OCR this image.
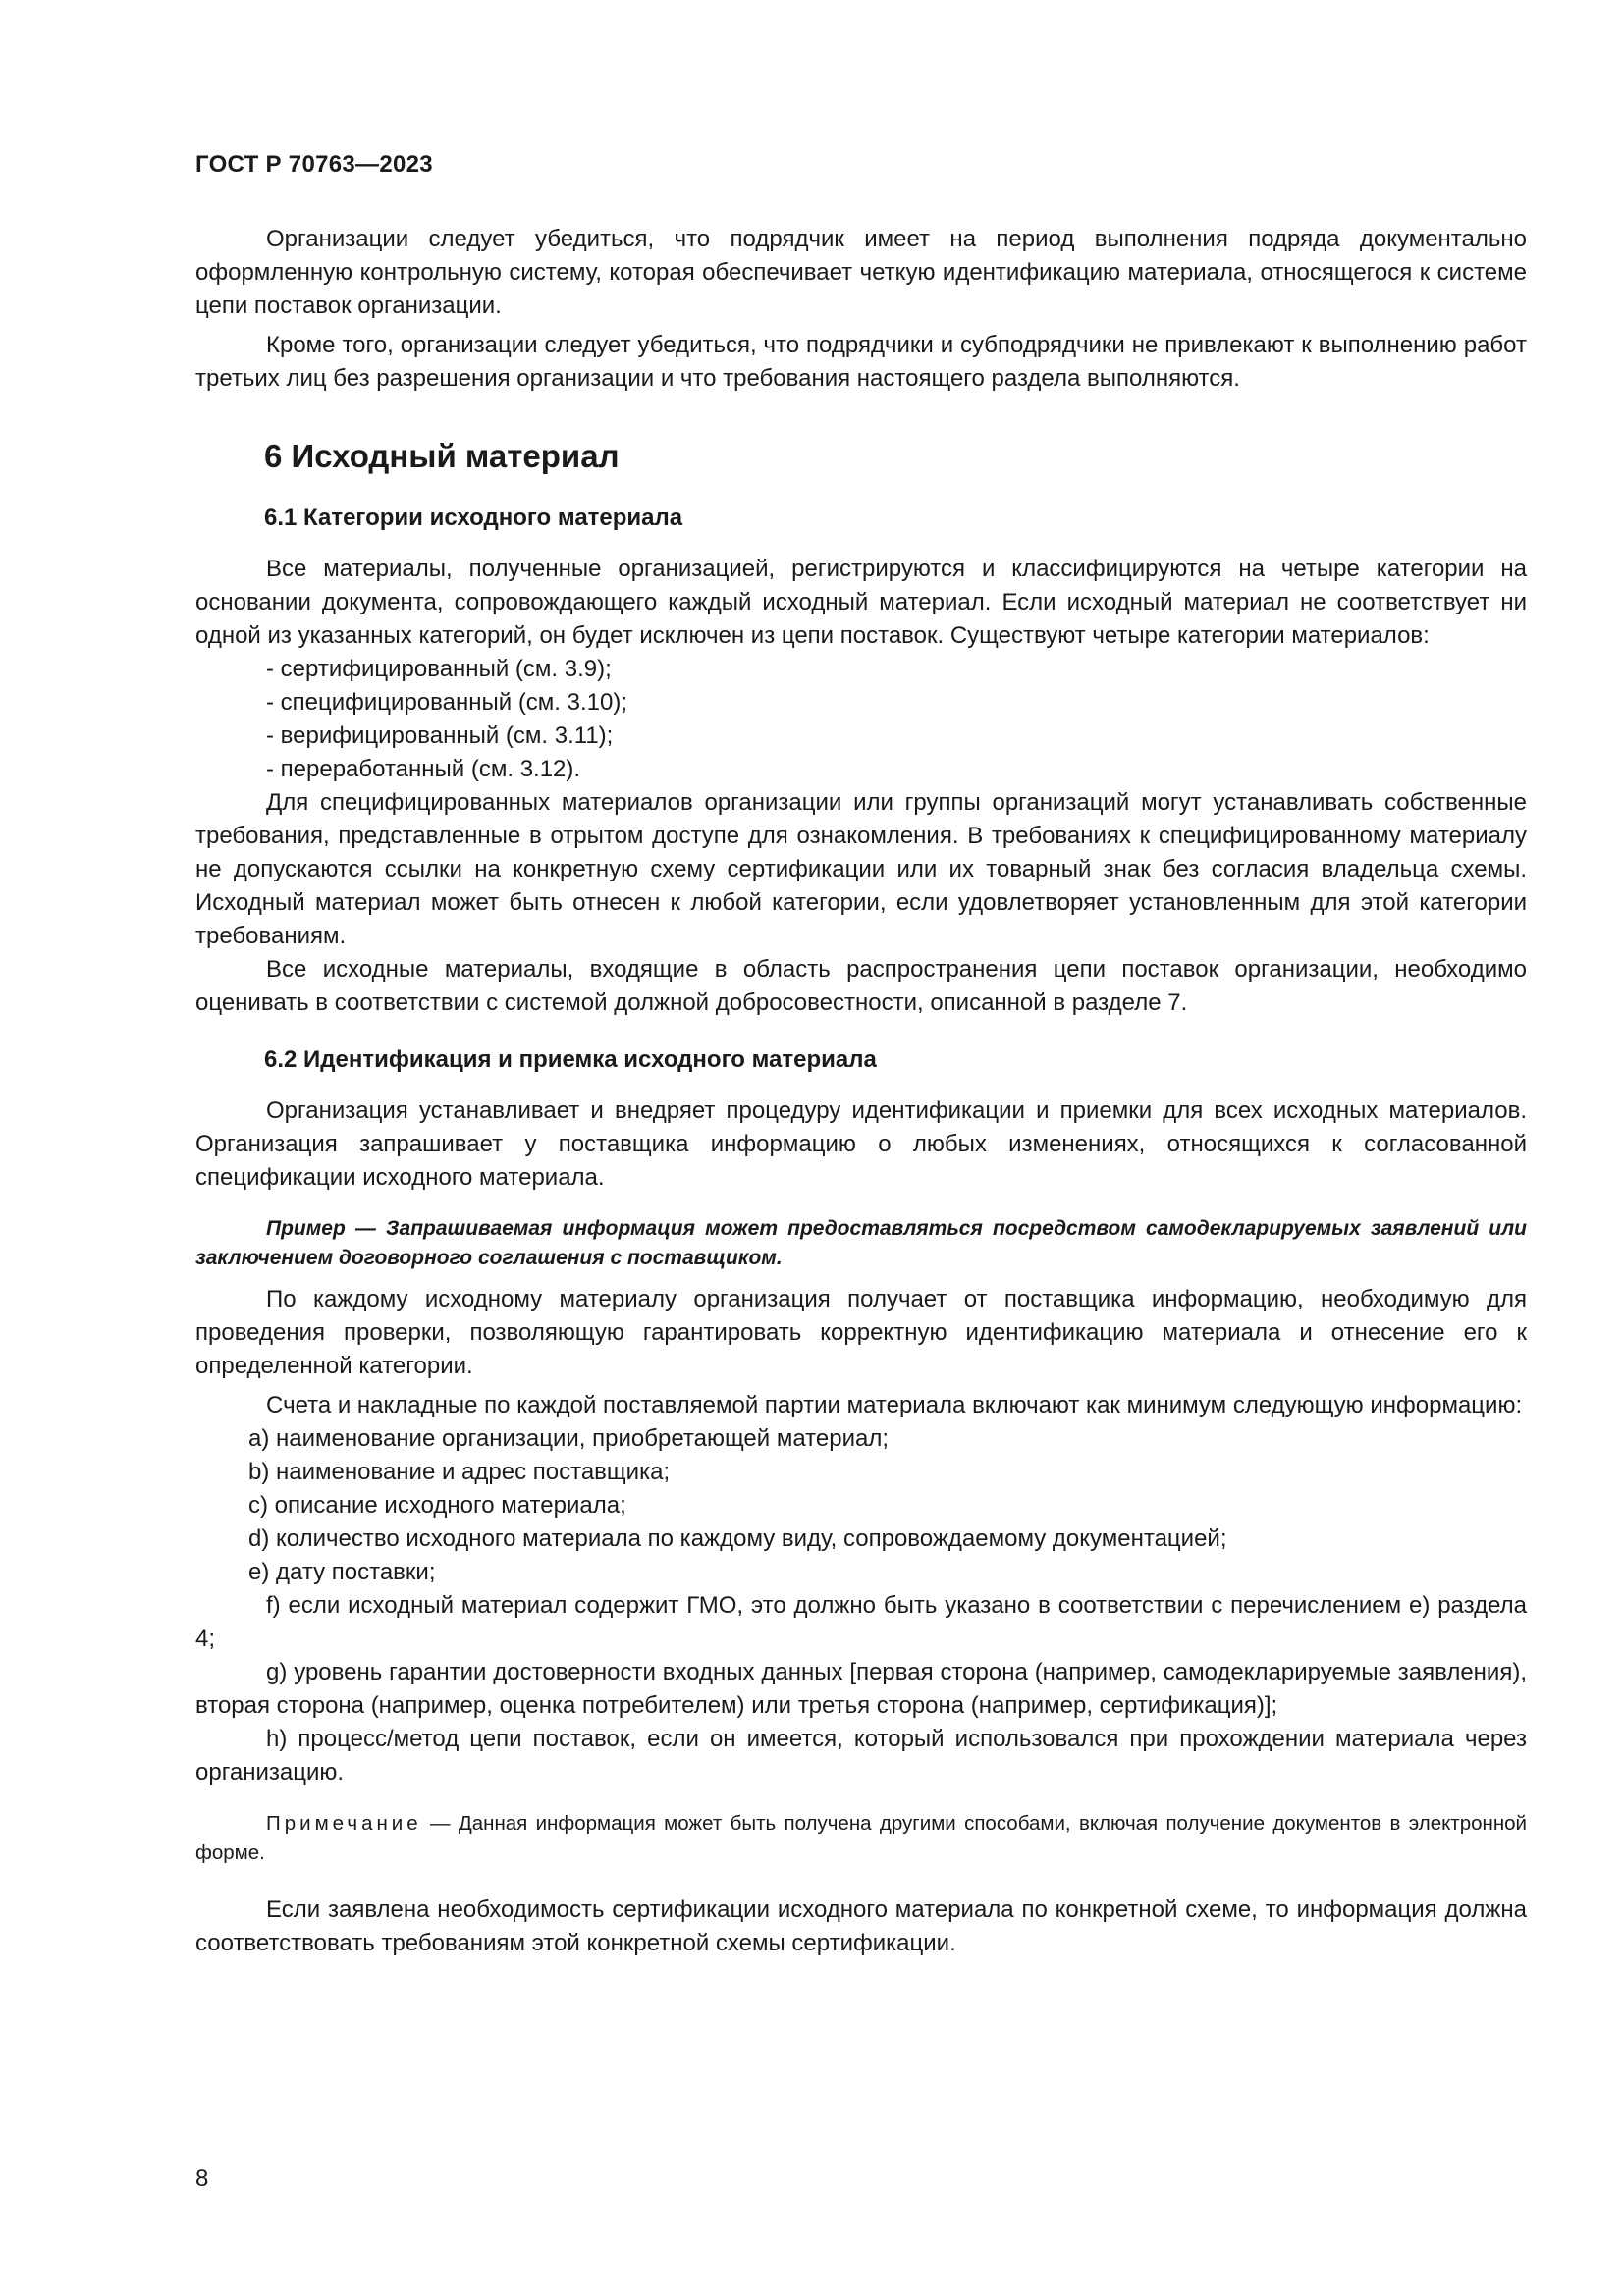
ГОСТ Р 70763—2023

Организации следует убедиться, что подрядчик имеет на период выполнения подряда документально оформленную контрольную систему, которая обеспечивает четкую идентификацию материала, относящегося к системе цепи поставок организации.

Кроме того, организации следует убедиться, что подрядчики и субподрядчики не привлекают к выполнению работ третьих лиц без разрешения организации и что требования настоящего раздела выполняются.

6 Исходный материал
6.1 Категории исходного материала

Все материалы, полученные организацией, регистрируются и классифицируются на четыре категории на основании документа, сопровождающего каждый исходный материал. Если исходный материал не соответствует ни одной из указанных категорий, он будет исключен из цепи поставок. Существуют четыре категории материалов:

- сертифицированный (см. 3.9);
- специфицированный (см. 3.10);
- верифицированный (см. 3.11);
- переработанный (см. 3.12).

Для специфицированных материалов организации или группы организаций могут устанавливать собственные требования, представленные в отрытом доступе для ознакомления. В требованиях к специфицированному материалу не допускаются ссылки на конкретную схему сертификации или их товарный знак без согласия владельца схемы. Исходный материал может быть отнесен к любой категории, если удовлетворяет установленным для этой категории требованиям.

Все исходные материалы, входящие в область распространения цепи поставок организации, необходимо оценивать в соответствии с системой должной добросовестности, описанной в разделе 7.

6.2 Идентификация и приемка исходного материала

Организация устанавливает и внедряет процедуру идентификации и приемки для всех исходных материалов. Организация запрашивает у поставщика информацию о любых изменениях, относящихся к согласованной спецификации исходного материала.

Пример — Запрашиваемая информация может предоставляться посредством самодекларируемых заявлений или заключением договорного соглашения с поставщиком.

По каждому исходному материалу организация получает от поставщика информацию, необходимую для проведения проверки, позволяющую гарантировать корректную идентификацию материала и отнесение его к определенной категории.

Счета и накладные по каждой поставляемой партии материала включают как минимум следующую информацию:

a) наименование организации, приобретающей материал;
b) наименование и адрес поставщика;
c) описание исходного материала;
d) количество исходного материала по каждому виду, сопровождаемому документацией;
e) дату поставки;

f) если исходный материал содержит ГМО, это должно быть указано в соответствии с перечислением е) раздела 4;

g) уровень гарантии достоверности входных данных [первая сторона (например, самодекларируемые заявления), вторая сторона (например, оценка потребителем) или третья сторона (например, сертификация)];

h) процесс/метод цепи поставок, если он имеется, который использовался при прохождении материала через организацию.

Примечание — Данная информация может быть получена другими способами, включая получение документов в электронной форме.

Если заявлена необходимость сертификации исходного материала по конкретной схеме, то информация должна соответствовать требованиям этой конкретной схемы сертификации.

8
